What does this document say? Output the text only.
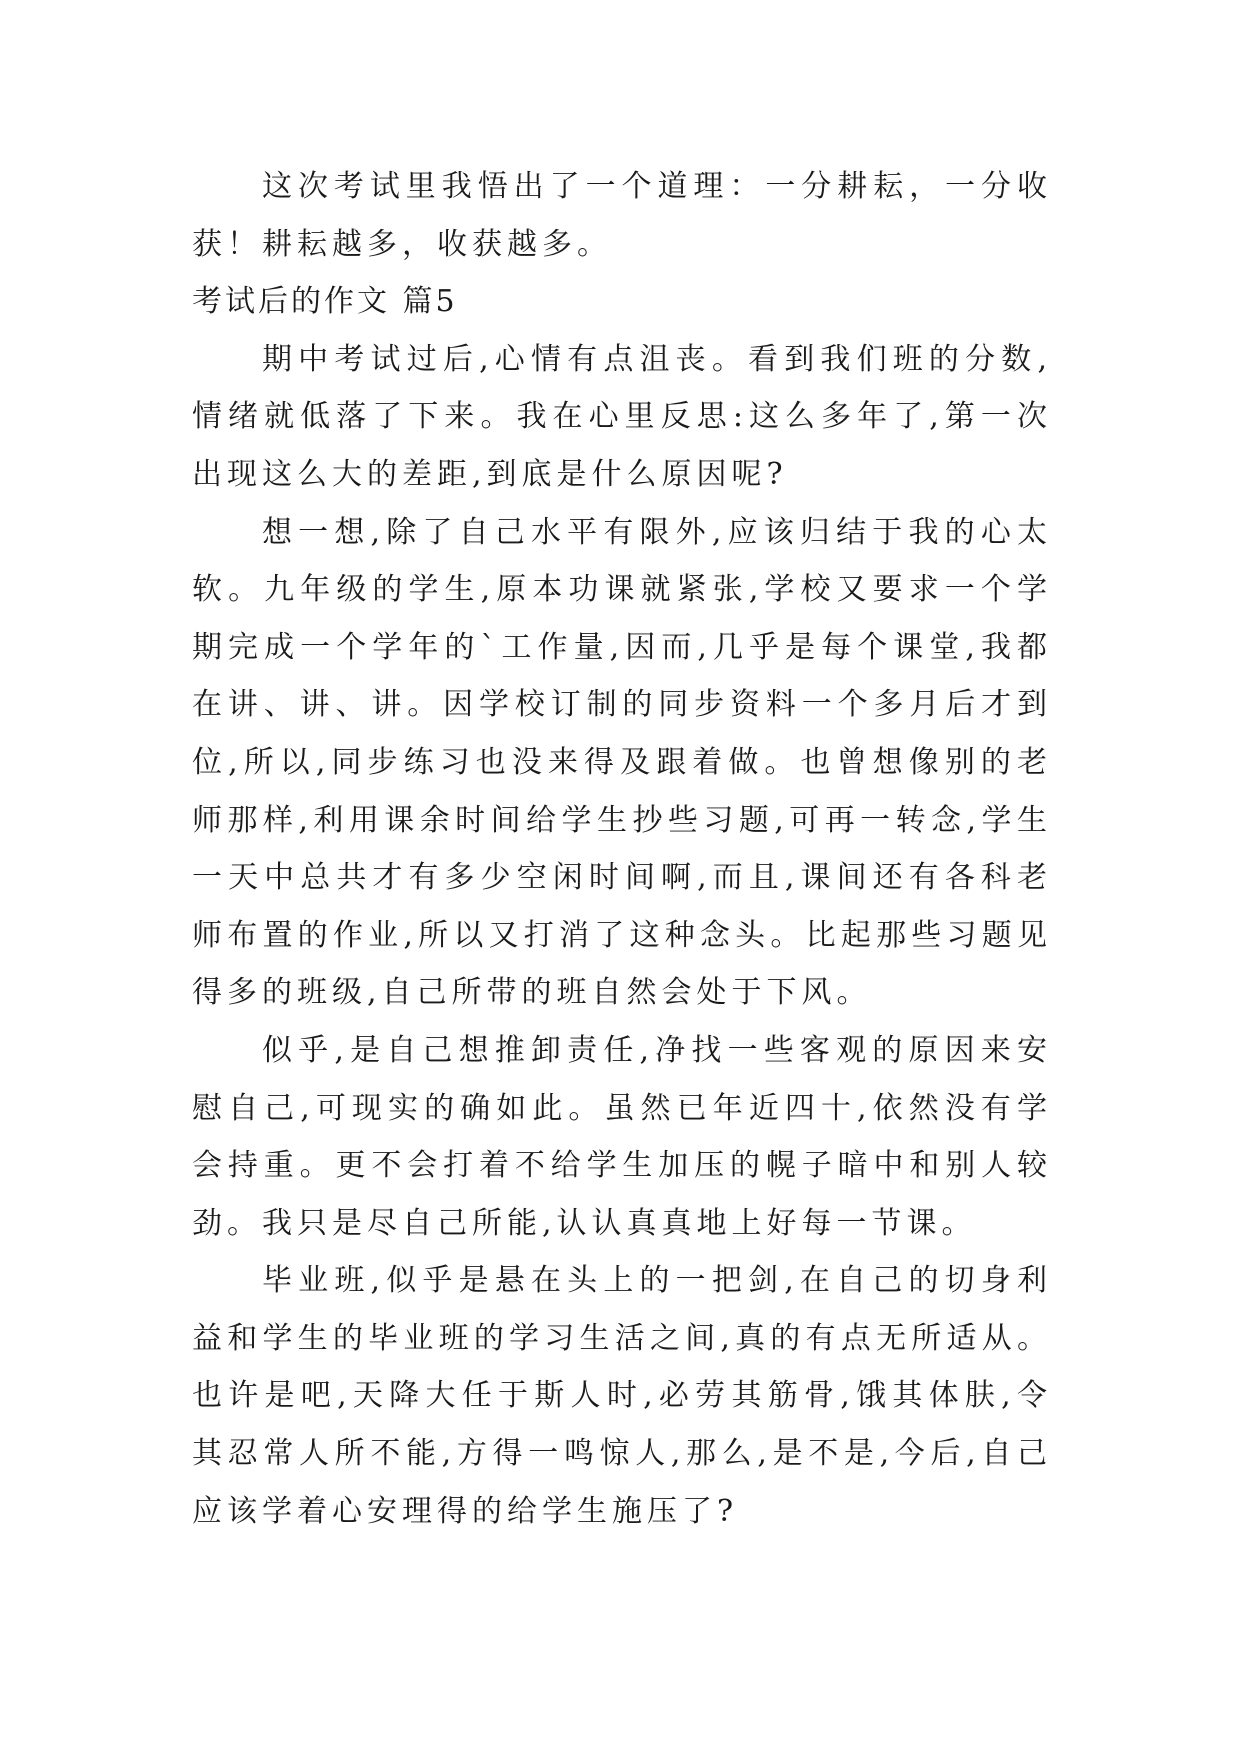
这次考试里我悟出了一个道理：一分耕耘，一分收获！耕耘越多，收获越多。

考试后的作文 篇5

期中考试过后,心情有点沮丧。看到我们班的分数,情绪就低落了下来。我在心里反思:这么多年了,第一次出现这么大的差距,到底是什么原因呢?

想一想,除了自己水平有限外,应该归结于我的心太软。九年级的学生,原本功课就紧张,学校又要求一个学期完成一个学年的`工作量,因而,几乎是每个课堂,我都在讲、讲、讲。因学校订制的同步资料一个多月后才到位,所以,同步练习也没来得及跟着做。也曾想像别的老师那样,利用课余时间给学生抄些习题,可再一转念,学生一天中总共才有多少空闲时间啊,而且,课间还有各科老师布置的作业,所以又打消了这种念头。比起那些习题见得多的班级,自己所带的班自然会处于下风。

似乎,是自己想推卸责任,净找一些客观的原因来安慰自己,可现实的确如此。虽然已年近四十,依然没有学会持重。更不会打着不给学生加压的幌子暗中和别人较劲。我只是尽自己所能,认认真真地上好每一节课。

毕业班,似乎是悬在头上的一把剑,在自己的切身利益和学生的毕业班的学习生活之间,真的有点无所适从。也许是吧,天降大任于斯人时,必劳其筋骨,饿其体肤,令其忍常人所不能,方得一鸣惊人,那么,是不是,今后,自己应该学着心安理得的给学生施压了?
